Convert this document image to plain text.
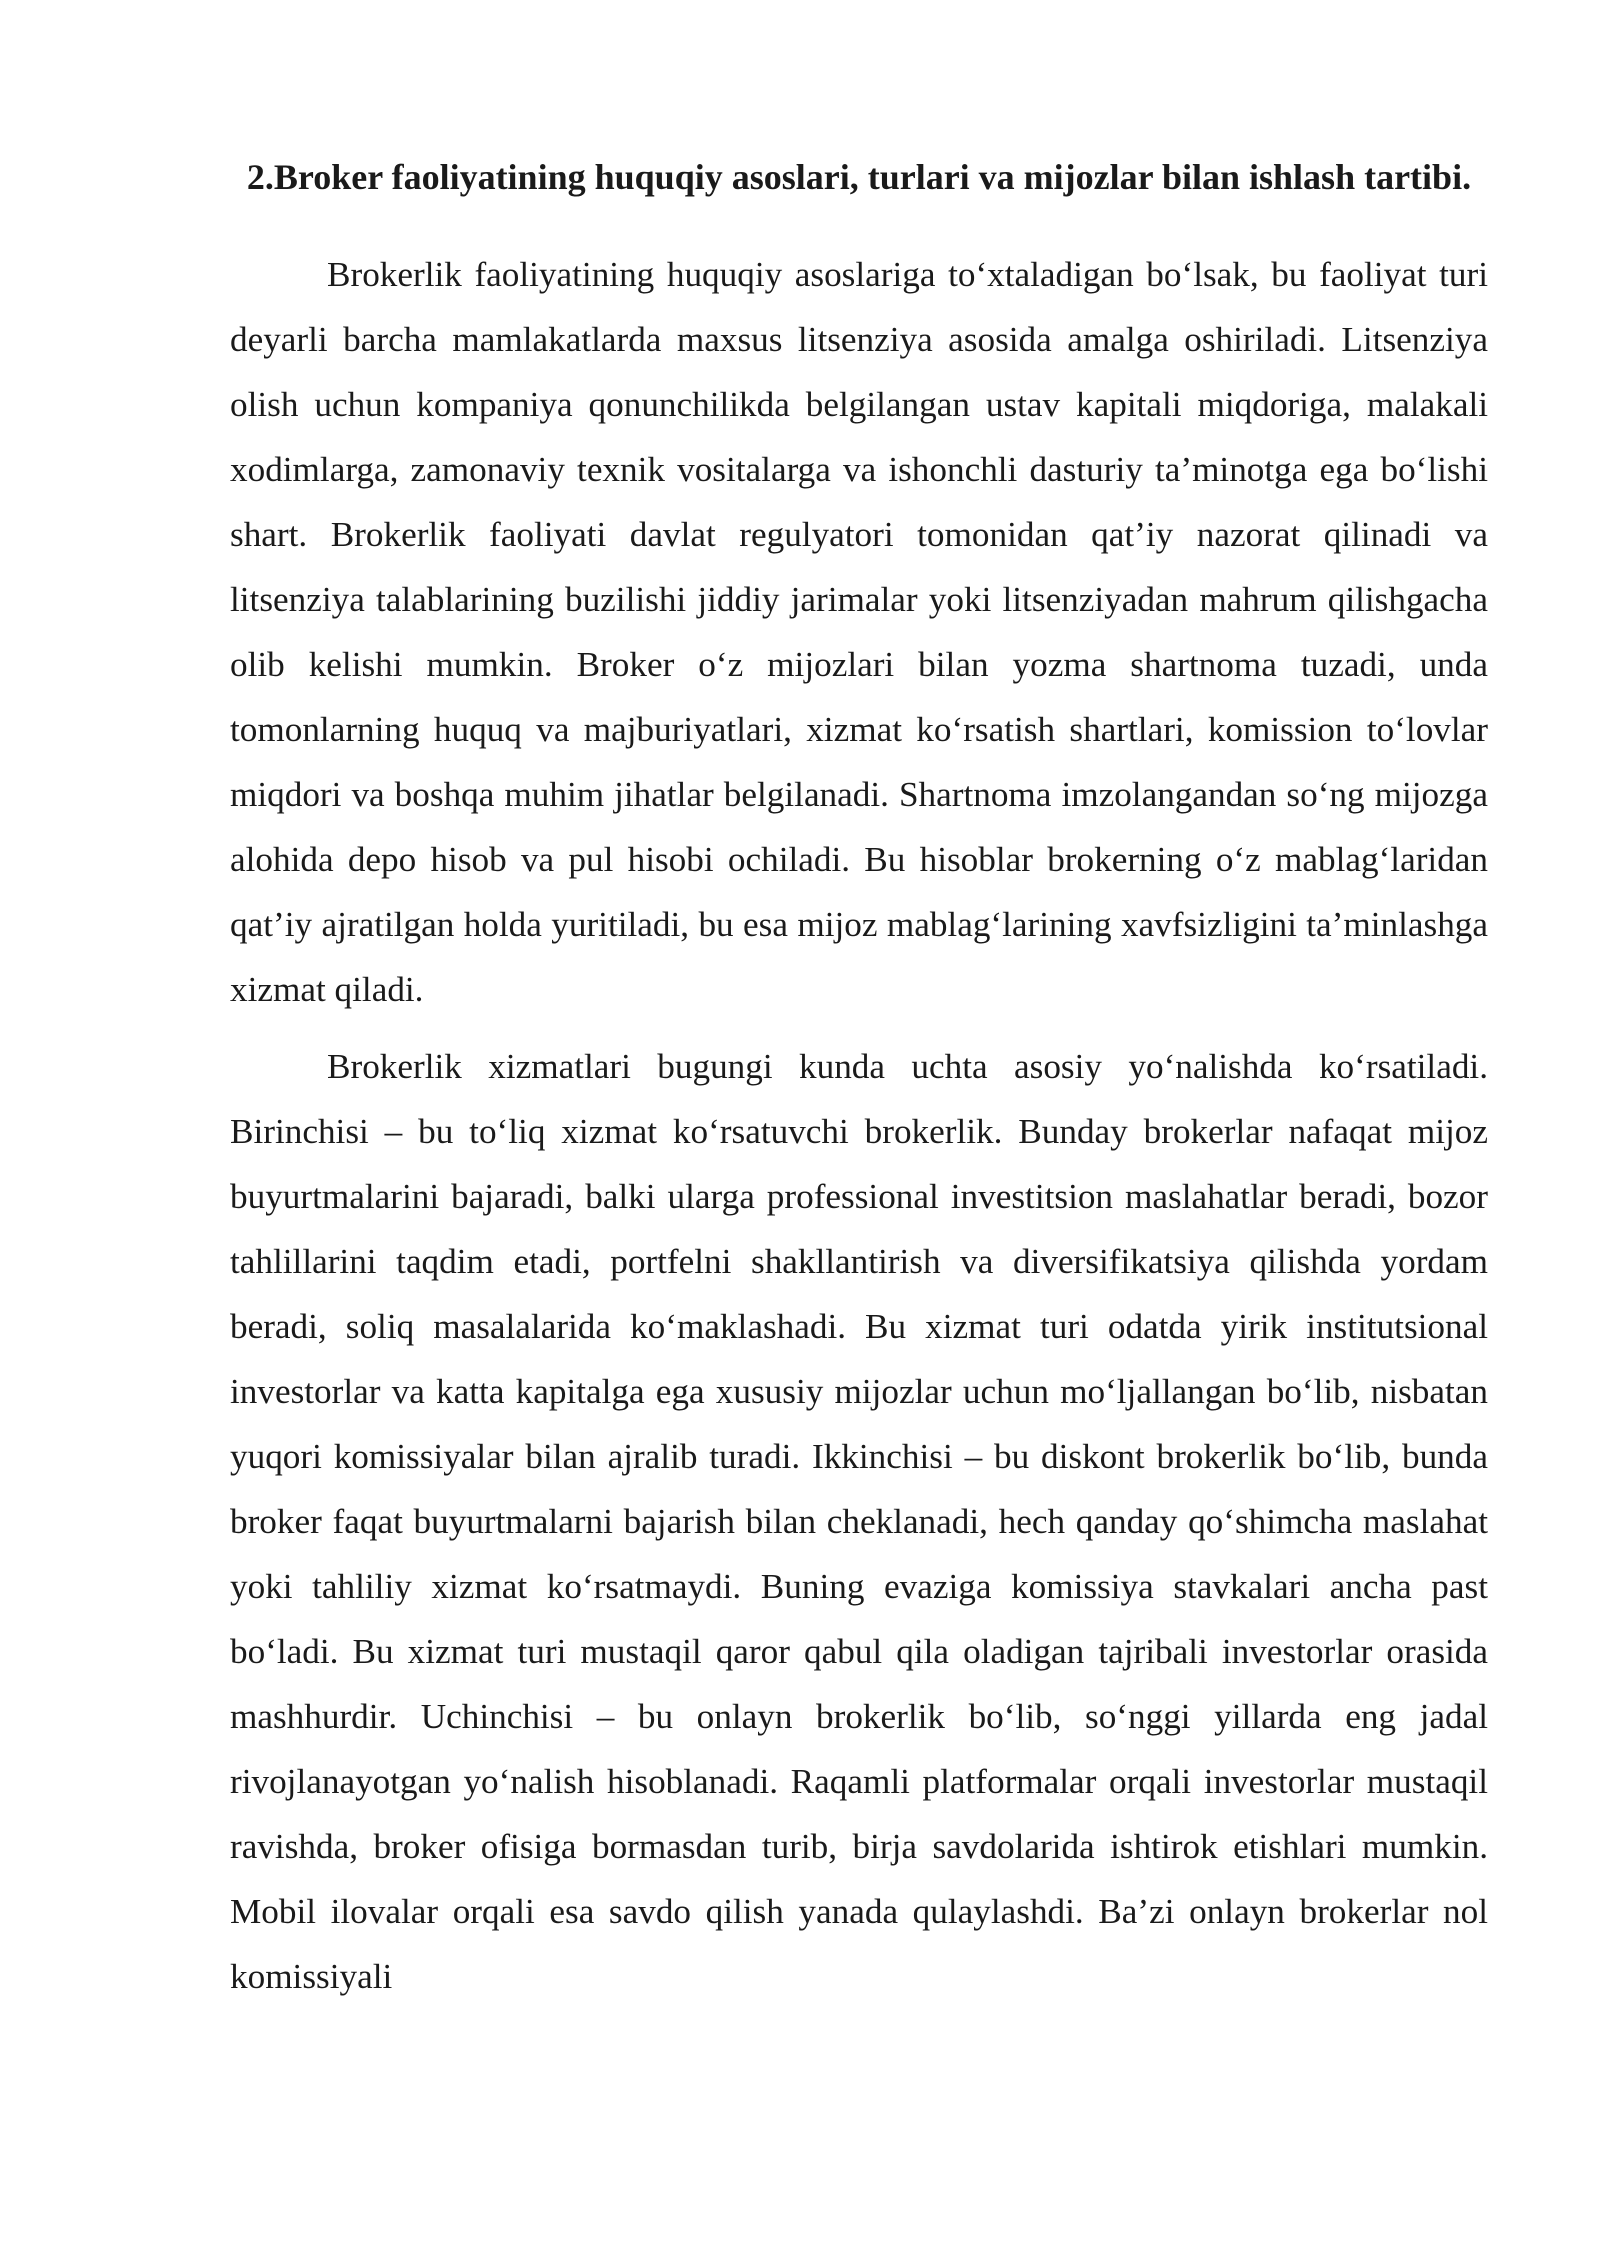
2.Broker faoliyatining huquqiy asoslari, turlari va mijozlar bilan ishlash tartibi.

Brokerlik faoliyatining huquqiy asoslariga to‘xtaladigan bo‘lsak, bu faoliyat turi deyarli barcha mamlakatlarda maxsus litsenziya asosida amalga oshiriladi. Litsenziya olish uchun kompaniya qonunchilikda belgilangan ustav kapitali miqdoriga, malakali xodimlarga, zamonaviy texnik vositalarga va ishonchli dasturiy ta’minotga ega bo‘lishi shart. Brokerlik faoliyati davlat regulyatori tomonidan qat’iy nazorat qilinadi va litsenziya talablarining buzilishi jiddiy jarimalar yoki litsenziyadan mahrum qilishgacha olib kelishi mumkin. Broker o‘z mijozlari bilan yozma shartnoma tuzadi, unda tomonlarning huquq va majburiyatlari, xizmat ko‘rsatish shartlari, komission to‘lovlar miqdori va boshqa muhim jihatlar belgilanadi. Shartnoma imzolangandan so‘ng mijozga alohida depo hisob va pul hisobi ochiladi. Bu hisoblar brokerning o‘z mablag‘laridan qat’iy ajratilgan holda yuritiladi, bu esa mijoz mablag‘larining xavfsizligini ta’minlashga xizmat qiladi.

Brokerlik xizmatlari bugungi kunda uchta asosiy yo‘nalishda ko‘rsatiladi. Birinchisi – bu to‘liq xizmat ko‘rsatuvchi brokerlik. Bunday brokerlar nafaqat mijoz buyurtmalarini bajaradi, balki ularga professional investitsion maslahatlar beradi, bozor tahlillarini taqdim etadi, portfelni shakllantirish va diversifikatsiya qilishda yordam beradi, soliq masalalarida ko‘maklashadi. Bu xizmat turi odatda yirik institutsional investorlar va katta kapitalga ega xususiy mijozlar uchun mo‘ljallangan bo‘lib, nisbatan yuqori komissiyalar bilan ajralib turadi. Ikkinchisi – bu diskont brokerlik bo‘lib, bunda broker faqat buyurtmalarni bajarish bilan cheklanadi, hech qanday qo‘shimcha maslahat yoki tahliliy xizmat ko‘rsatmaydi. Buning evaziga komissiya stavkalari ancha past bo‘ladi. Bu xizmat turi mustaqil qaror qabul qila oladigan tajribali investorlar orasida mashhurdir. Uchinchisi – bu onlayn brokerlik bo‘lib, so‘nggi yillarda eng jadal rivojlanayotgan yo‘nalish hisoblanadi. Raqamli platformalar orqali investorlar mustaqil ravishda, broker ofisiga bormasdan turib, birja savdolarida ishtirok etishlari mumkin. Mobil ilovalar orqali esa savdo qilish yanada qulaylashdi. Ba’zi onlayn brokerlar nol komissiyali
